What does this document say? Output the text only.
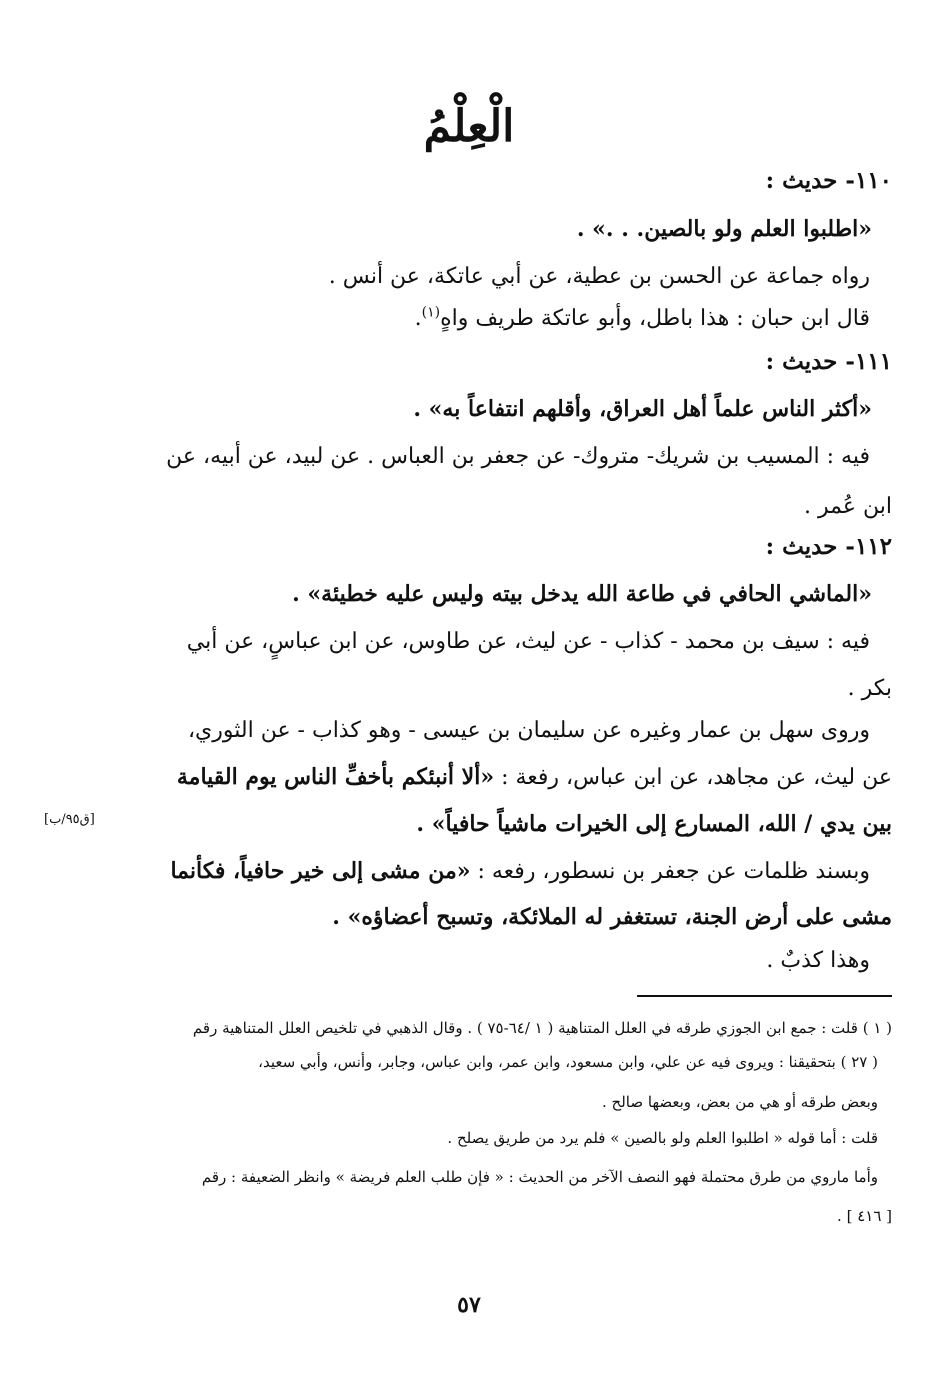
الْعِلْمُ
١١٠- حديث :
«اطلبوا العلم ولو بالصين. . .» .
رواه جماعة عن الحسن بن عطية، عن أبي عاتكة، عن أنس .
قال ابن حبان : هذا باطل، وأبو عاتكة طريف واهٍ$^{(١)}$.
١١١- حديث :
«أكثر الناس علماً أهل العراق، وأقلهم انتفاعاً به» .
فيه : المسيب بن شريك- متروك- عن جعفر بن العباس . عن لبيد، عن أبيه، عن
ابن عُمر .
١١٢- حديث :
«الماشي الحافي في طاعة الله يدخل بيته وليس عليه خطيئة» .
فيه : سيف بن محمد - كذاب - عن ليث، عن طاوس، عن ابن عباسٍ، عن أبي
بكر .
وروى سهل بن عمار وغيره عن سليمان بن عيسى - وهو كذاب - عن الثوري،
عن ليث، عن مجاهد، عن ابن عباس، رفعة : «ألا أنبئكم بأخفِّ الناس يوم القيامة
بين يدي / الله، المسارع إلى الخيرات ماشياً حافياً» .
[ق٩٥/ب]
وبسند ظلمات عن جعفر بن نسطور، رفعه : «من مشى إلى خير حافياً، فكأنما
مشى على أرض الجنة، تستغفر له الملائكة، وتسبح أعضاؤه» .
وهذا كذبٌ .
( ١ ) قلت : جمع ابن الجوزي طرقه في العلل المتناهية ( ١ /٦٤-٧٥ ) . وقال الذهبي في تلخيص العلل المتناهية رقم
( ٢٧ ) بتحقيقنا : ويروى فيه عن علي، وابن مسعود، وابن عمر، وابن عباس، وجابر، وأنس، وأبي سعيد،
وبعض طرقه أو هي من بعض، وبعضها صالح .
قلت : أما قوله « اطلبوا العلم ولو بالصين » فلم يرد من طريق يصلح .
وأما ماروي من طرق محتملة فهو النصف الآخر من الحديث : « فإن طلب العلم فريضة » وانظر الضعيفة : رقم
[ ٤١٦ ] .
٥٧
